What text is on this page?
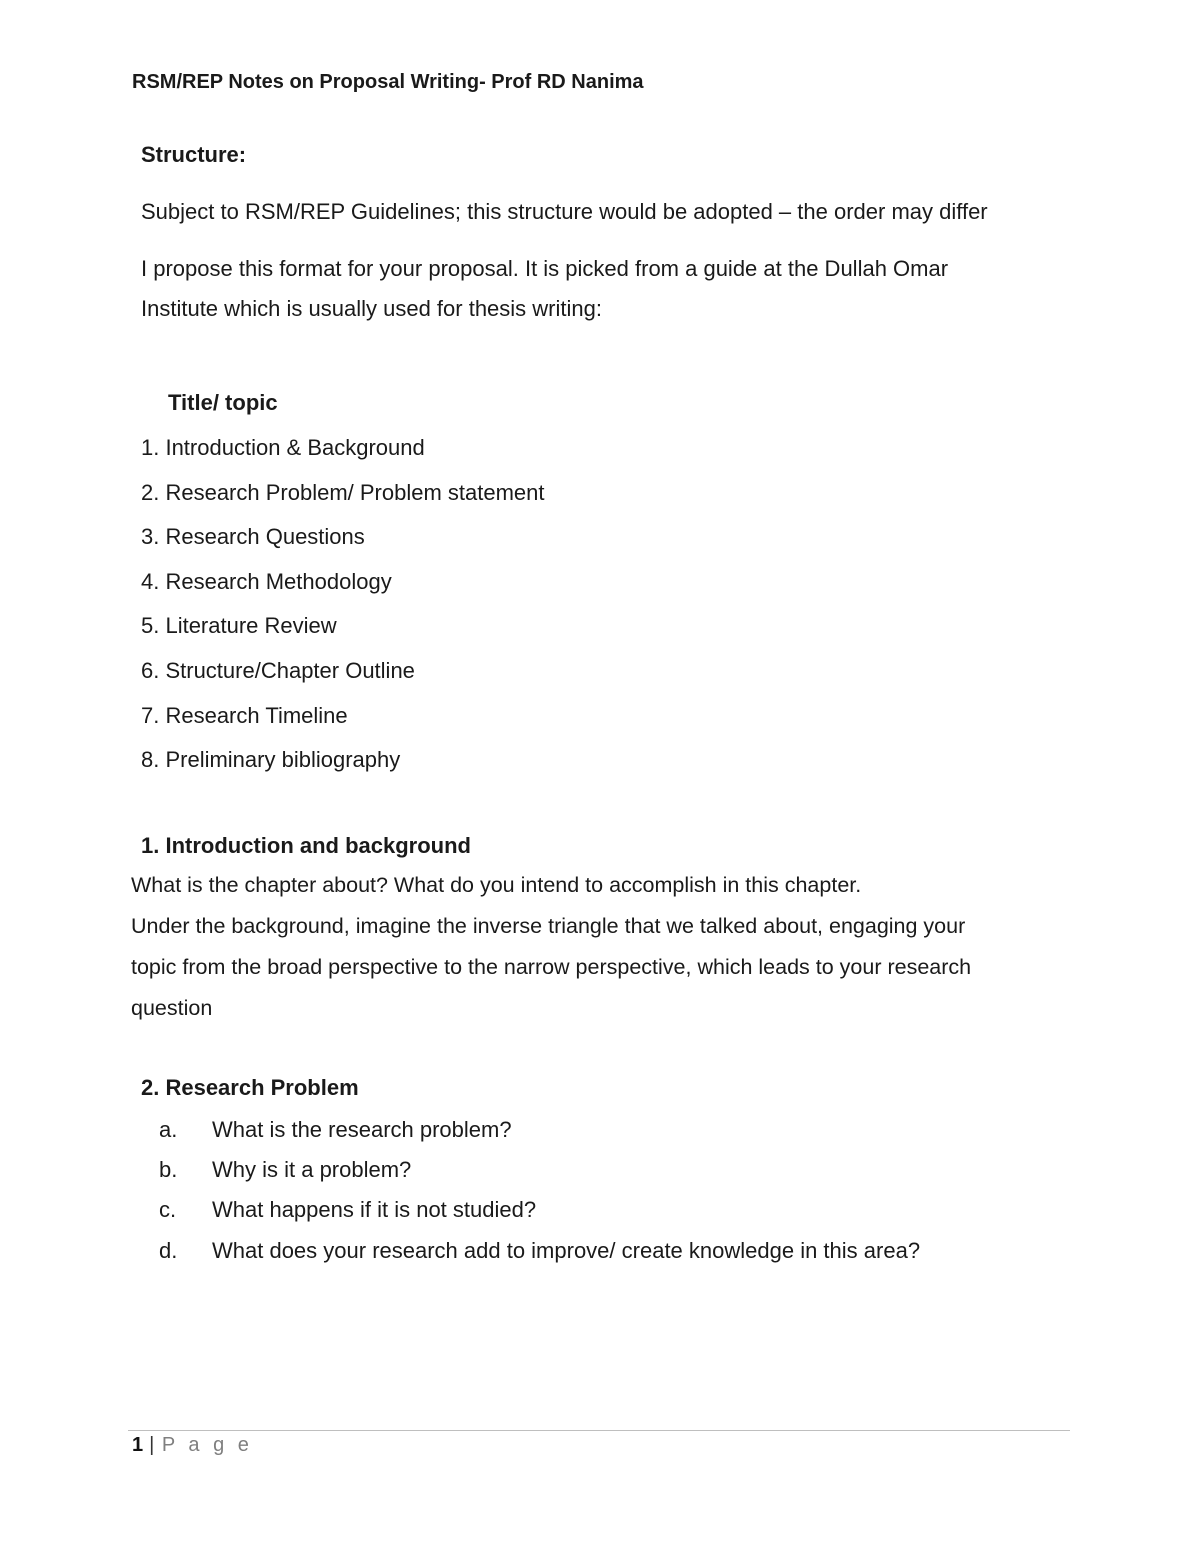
RSM/REP Notes on Proposal Writing- Prof RD Nanima
Structure:
Subject to RSM/REP Guidelines; this structure would be adopted – the order may differ
I propose this format for your proposal. It is picked from a guide at the Dullah Omar
Institute which is usually used for thesis writing:
Title/ topic
1. Introduction & Background
2. Research Problem/ Problem statement
3. Research Questions
4. Research Methodology
5. Literature Review
6. Structure/Chapter Outline
7. Research Timeline
8. Preliminary bibliography
1. Introduction and background
What is the chapter about? What do you intend to accomplish in this chapter.
Under the background, imagine the inverse triangle that we talked about, engaging your
topic from the broad perspective to the narrow perspective, which leads to your research
question
2. Research Problem
a. What is the research problem?
b. Why is it a problem?
c. What happens if it is not studied?
d. What does your research add to improve/ create knowledge in this area?
1 | P a g e
